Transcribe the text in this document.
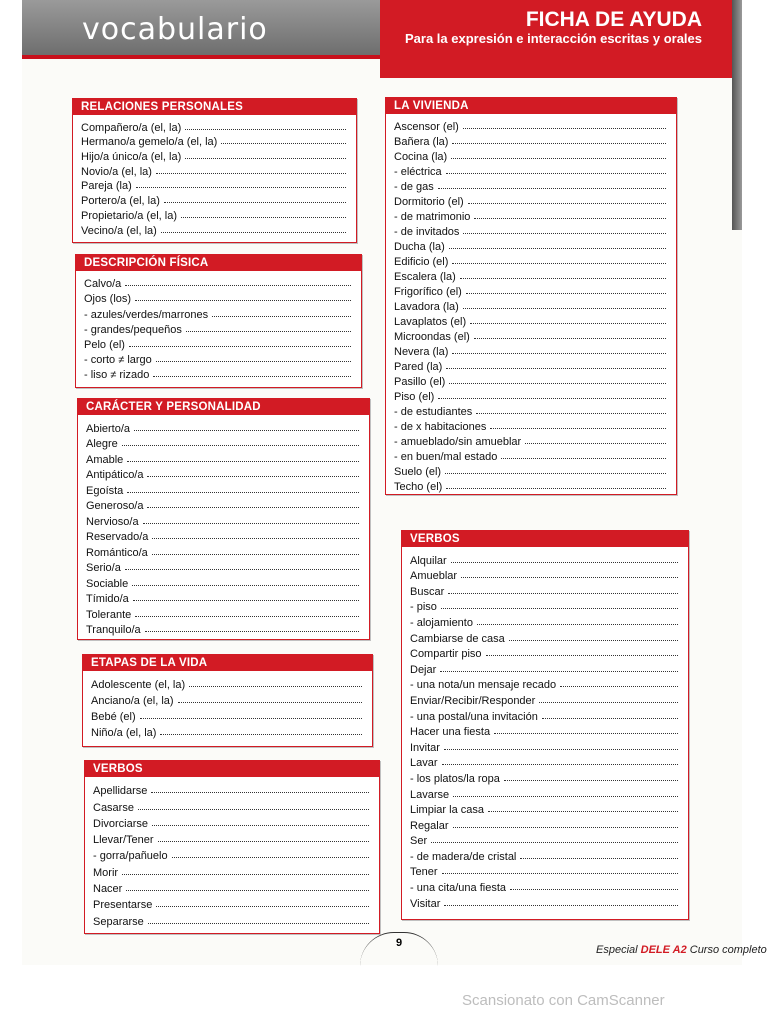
vocabulario	FICHA DE AYUDA
Para la expresión e interacción escritas y orales
RELACIONES PERSONALES
Compañero/a (el, la)
Hermano/a gemelo/a (el, la)
Hijo/a único/a (el, la)
Novio/a (el, la)
Pareja (la)
Portero/a (el, la)
Propietario/a (el, la)
Vecino/a (el, la)
DESCRIPCIÓN FÍSICA
Calvo/a
Ojos (los)
- azules/verdes/marrones
- grandes/pequeños
Pelo (el)
- corto ≠ largo
- liso ≠ rizado
CARÁCTER Y PERSONALIDAD
Abierto/a
Alegre
Amable
Antipático/a
Egoísta
Generoso/a
Nervioso/a
Reservado/a
Romántico/a
Serio/a
Sociable
Tímido/a
Tolerante
Tranquilo/a
ETAPAS DE LA VIDA
Adolescente (el, la)
Anciano/a (el, la)
Bebé (el)
Niño/a (el, la)
VERBOS
Apellidarse
Casarse
Divorciarse
Llevar/Tener
- gorra/pañuelo
Morir
Nacer
Presentarse
Separarse
LA VIVIENDA
Ascensor (el)
Bañera (la)
Cocina (la)
- eléctrica
- de gas
Dormitorio (el)
- de matrimonio
- de invitados
Ducha (la)
Edificio (el)
Escalera (la)
Frigorífico (el)
Lavadora (la)
Lavaplatos (el)
Microondas (el)
Nevera (la)
Pared (la)
Pasillo (el)
Piso (el)
- de estudiantes
- de x habitaciones
- amueblado/sin amueblar
- en buen/mal estado
Suelo (el)
Techo (el)
VERBOS
Alquilar
Amueblar
Buscar
- piso
- alojamiento
Cambiarse de casa
Compartir piso
Dejar
- una nota/un mensaje recado
Enviar/Recibir/Responder
- una postal/una invitación
Hacer una fiesta
Invitar
Lavar
- los platos/la ropa
Lavarse
Limpiar la casa
Regalar
Ser
- de madera/de cristal
Tener
- una cita/una fiesta
Visitar
9
Especial DELE A2 Curso completo
Scansionato con CamScanner
